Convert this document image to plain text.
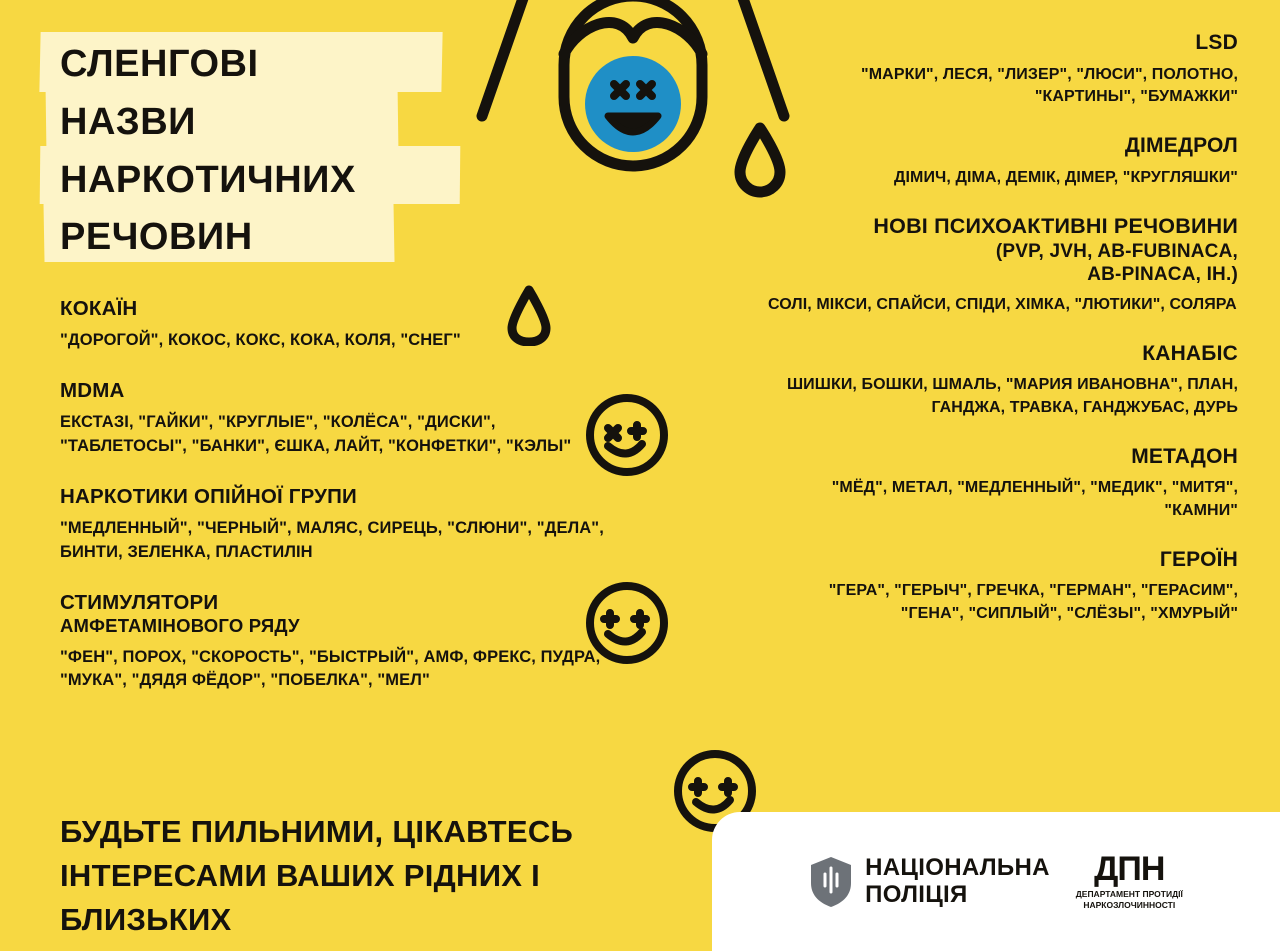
СЛЕНГОВІ
НАЗВИ
НАРКОТИЧНИХ
РЕЧОВИН
КОКАЇН
"ДОРОГОЙ", КОКОС, КОКС, КОКА, КОЛЯ, "СНЕГ"
MDMA
ЕКСТАЗІ, "ГАЙКИ", "КРУГЛЫЕ", "КОЛЁСА", "ДИСКИ", "ТАБЛЕТОСЫ", "БАНКИ", ЄШКА, ЛАЙТ, "КОНФЕТКИ", "КЭЛЫ"
НАРКОТИКИ ОПІЙНОЇ ГРУПИ
"МЕДЛЕННЫЙ", "ЧЕРНЫЙ", МАЛЯС, СИРЕЦЬ, "СЛЮНИ", "ДЕЛА", БИНТИ, ЗЕЛЕНКА, ПЛАСТИЛІН
СТИМУЛЯТОРИ
АМФЕТАМІНОВОГО РЯДУ
"ФЕН", ПОРОХ, "СКОРОСТЬ", "БЫСТРЫЙ", АМФ, ФРЕКС, ПУДРА, "МУКА", "ДЯДЯ ФЁДОР", "ПОБЕЛКА", "МЕЛ"
LSD
"МАРКИ", ЛЕСЯ, "ЛИЗЕР", "ЛЮСИ", ПОЛОТНО, "КАРТИНЫ", "БУМАЖКИ"
ДІМЕДРОЛ
ДІМИЧ, ДІМА, ДЕМІК, ДІМЕР, "КРУГЛЯШКИ"
НОВІ ПСИХОАКТИВНІ РЕЧОВИНИ
(PVP, JVH, AB-FUBINACA,
AB-PINACA, ІН.)
СОЛІ, МІКСИ, СПАЙСИ, СПІДИ, ХІМКА, "ЛЮТИКИ", СОЛЯРА
КАНАБІС
ШИШКИ, БОШКИ, ШМАЛЬ, "МАРИЯ ИВАНОВНА", ПЛАН, ГАНДЖА, ТРАВКА, ГАНДЖУБАС, ДУРЬ
МЕТАДОН
"МЁД", МЕТАЛ, "МЕДЛЕННЫЙ", "МЕДИК", "МИТЯ", "КАМНИ"
ГЕРОЇН
"ГЕРА", "ГЕРЫЧ", ГРЕЧКА, "ГЕРМАН", "ГЕРАСИМ", "ГЕНА", "СИПЛЫЙ", "СЛЁЗЫ", "ХМУРЫЙ"
БУДЬТЕ ПИЛЬНИМИ, ЦІКАВТЕСЬ ІНТЕРЕСАМИ ВАШИХ РІДНИХ І БЛИЗЬКИХ
НАЦІОНАЛЬНА
ПОЛІЦІЯ
ДПН
ДЕПАРТАМЕНТ ПРОТИДІЇ
НАРКОЗЛОЧИННОСТІ
